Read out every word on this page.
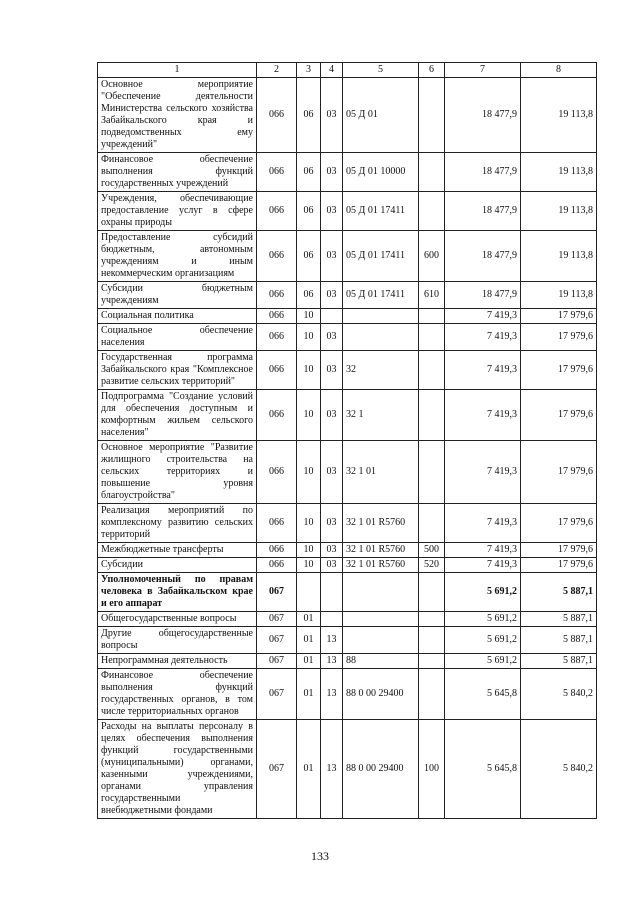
1	2	3	4	5	6	7	8
Основное мероприятие "Обеспечение деятельности Министерства сельского хозяйства Забайкальского края и подведомственных ему учреждений"	066	06	03	05 Д 01		18 477,9	19 113,8
Финансовое обеспечение выполнения функций государственных учреждений	066	06	03	05 Д 01 10000		18 477,9	19 113,8
Учреждения, обеспечивающие предоставление услуг в сфере охраны природы	066	06	03	05 Д 01 17411		18 477,9	19 113,8
Предоставление субсидий бюджетным, автономным учреждениям и иным некоммерческим организациям	066	06	03	05 Д 01 17411	600	18 477,9	19 113,8
Субсидии бюджетным учреждениям	066	06	03	05 Д 01 17411	610	18 477,9	19 113,8
Социальная политика	066	10				7 419,3	17 979,6
Социальное обеспечение населения	066	10	03			7 419,3	17 979,6
Государственная программа Забайкальского края "Комплексное развитие сельских территорий"	066	10	03	32		7 419,3	17 979,6
Подпрограмма "Создание условий для обеспечения доступным и комфортным жильем сельского населения"	066	10	03	32 1		7 419,3	17 979,6
Основное мероприятие "Развитие жилищного строительства на сельских территориях и повышение уровня благоустройства"	066	10	03	32 1 01		7 419,3	17 979,6
Реализация мероприятий по комплексному развитию сельских территорий	066	10	03	32 1 01 R5760		7 419,3	17 979,6
Межбюджетные трансферты	066	10	03	32 1 01 R5760	500	7 419,3	17 979,6
Субсидии	066	10	03	32 1 01 R5760	520	7 419,3	17 979,6
Уполномоченный по правам человека в Забайкальском крае и его аппарат	067					5 691,2	5 887,1
Общегосударственные вопросы	067	01				5 691,2	5 887,1
Другие общегосударственные вопросы	067	01	13			5 691,2	5 887,1
Непрограммная деятельность	067	01	13	88		5 691,2	5 887,1
Финансовое обеспечение выполнения функций государственных органов, в том числе территориальных органов	067	01	13	88 0 00 29400		5 645,8	5 840,2
Расходы на выплаты персоналу в целях обеспечения выполнения функций государственными (муниципальными) органами, казенными учреждениями, органами управления государственными внебюджетными фондами	067	01	13	88 0 00 29400	100	5 645,8	5 840,2
133
